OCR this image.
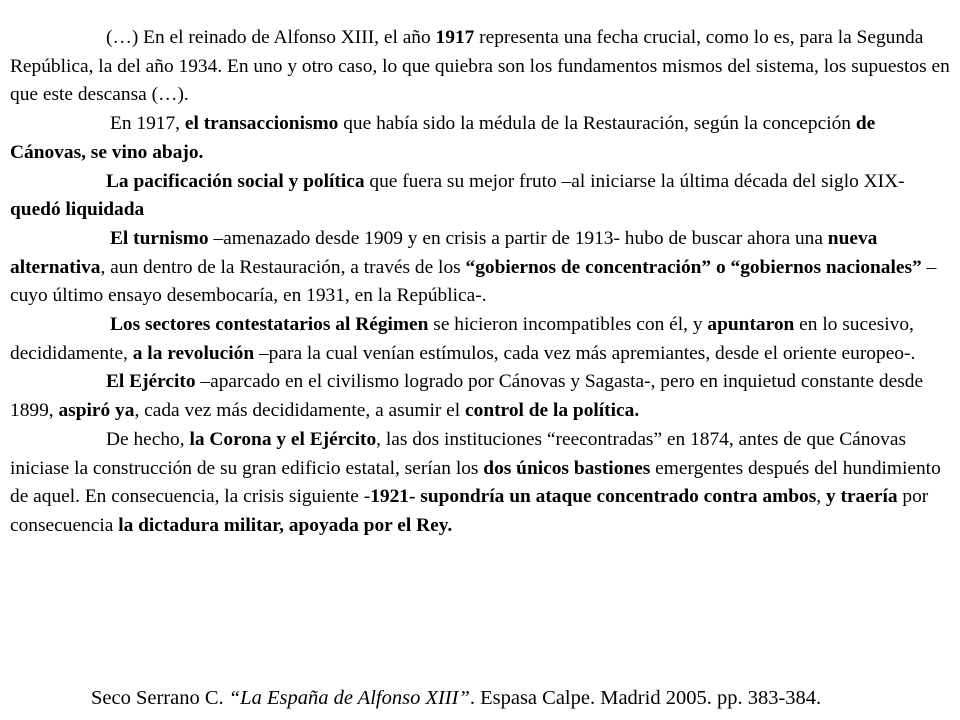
(…) En el reinado de Alfonso XIII, el año 1917 representa una fecha crucial, como lo es, para la Segunda República, la del año 1934. En uno y otro caso, lo que quiebra son los fundamentos mismos del sistema, los supuestos en que este descansa (…).

En 1917, el transaccionismo que había sido la médula de la Restauración, según la concepción de Cánovas, se vino abajo.

La pacificación social y política que fuera su mejor fruto –al iniciarse la última década del siglo XIX- quedó liquidada

El turnismo –amenazado desde 1909 y en crisis a partir de 1913- hubo de buscar ahora una nueva alternativa, aun dentro de la Restauración, a través de los “gobiernos de concentración” o “gobiernos nacionales” –cuyo último ensayo desembocaría, en 1931, en la República-.

Los sectores contestatarios al Régimen se hicieron incompatibles con él, y apuntaron en lo sucesivo, decididamente, a la revolución –para la cual venían estímulos, cada vez más apremiantes, desde el oriente europeo-.

El Ejército –aparcado en el civilismo logrado por Cánovas y Sagasta-, pero en inquietud constante desde 1899, aspiró ya, cada vez más decididamente, a asumir el control de la política.

De hecho, la Corona y el Ejército, las dos instituciones “reecontradas” en 1874, antes de que Cánovas iniciase la construcción de su gran edificio estatal, serían los dos únicos bastiones emergentes después del hundimiento de aquel. En consecuencia, la crisis siguiente -1921- supondría un ataque concentrado contra ambos, y traería por consecuencia la dictadura militar, apoyada por el Rey.

Seco Serrano C. “La España de Alfonso XIII”. Espasa Calpe. Madrid 2005. pp. 383-384.
